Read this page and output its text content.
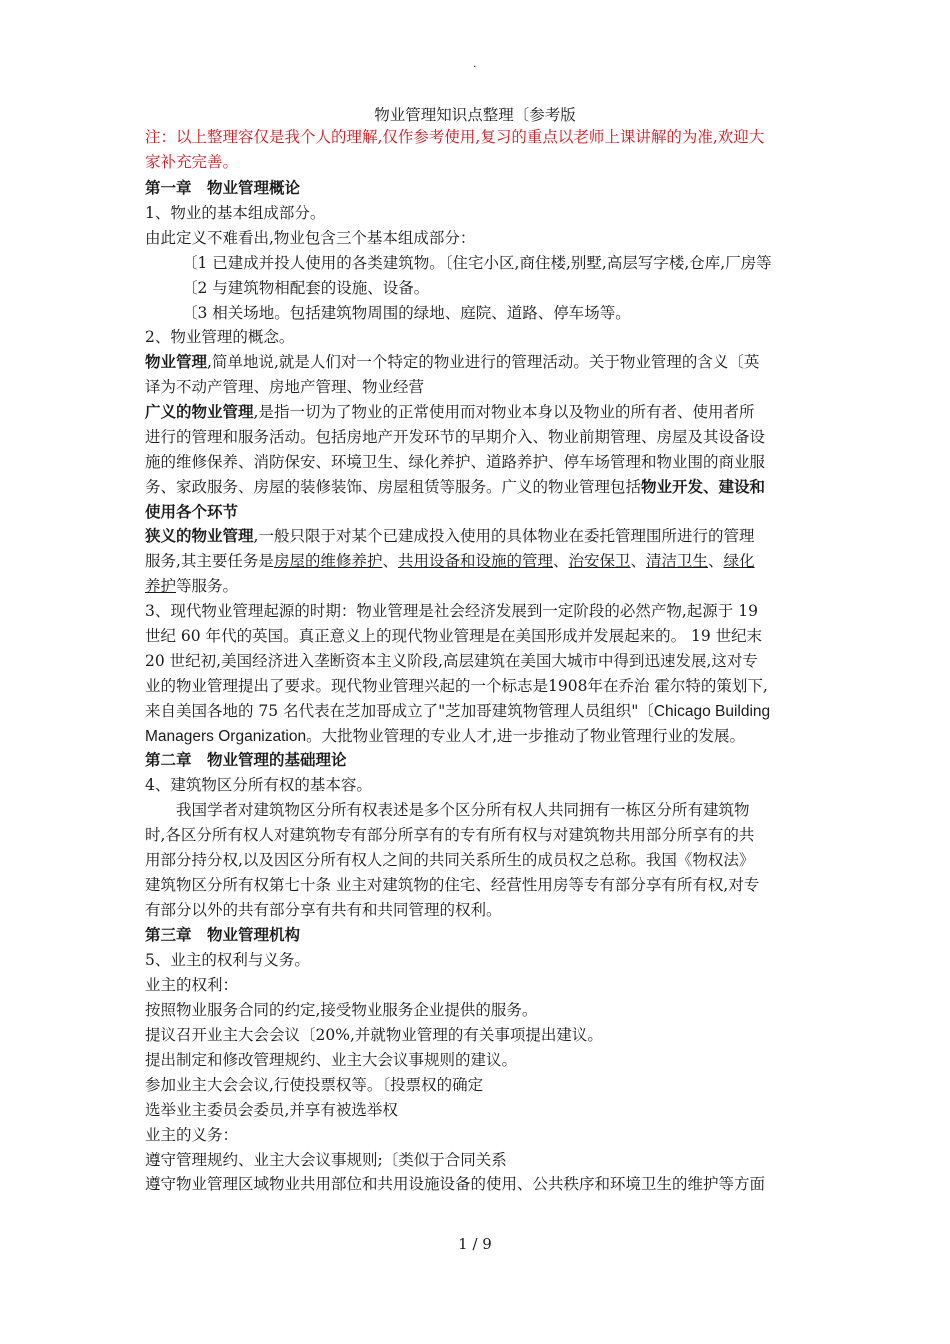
.
物业管理知识点整理〔参考版
注：以上整理容仅是我个人的理解,仅作参考使用,复习的重点以老师上课讲解的为准,欢迎大
家补充完善。
第一章　物业管理概论
1、物业的基本组成部分。
由此定义不难看出,物业包含三个基本组成部分：
〔1 已建成并投人使用的各类建筑物。〔住宅小区,商住楼,别墅,高层写字楼,仓库,厂房等
〔2 与建筑物相配套的设施、设备。
〔3 相关场地。包括建筑物周围的绿地、庭院、道路、停车场等。
2、物业管理的概念。
物业管理,简单地说,就是人们对一个特定的物业进行的管理活动。关于物业管理的含义〔英
译为不动产管理、房地产管理、物业经营
广义的物业管理,是指一切为了物业的正常使用而对物业本身以及物业的所有者、使用者所
进行的管理和服务活动。包括房地产开发环节的早期介入、物业前期管理、房屋及其设备设
施的维修保养、消防保安、环境卫生、绿化养护、道路养护、停车场管理和物业围的商业服
务、家政服务、房屋的装修装饰、房屋租赁等服务。广义的物业管理包括物业开发、建设和
使用各个环节
狭义的物业管理,一般只限于对某个已建成投入使用的具体物业在委托管理围所进行的管理
服务,其主要任务是房屋的维修养护、共用设备和设施的管理、治安保卫、清洁卫生、绿化
养护等服务。
3、现代物业管理起源的时期：物业管理是社会经济发展到一定阶段的必然产物,起源于 19
世纪 60 年代的英国。真正意义上的现代物业管理是在美国形成并发展起来的。 19 世纪末
20 世纪初,美国经济进入垄断资本主义阶段,高层建筑在美国大城市中得到迅速发展,这对专
业的物业管理提出了要求。现代物业管理兴起的一个标志是1908年在乔治 霍尔特的策划下,
来自美国各地的 75 名代表在芝加哥成立了"芝加哥建筑物管理人员组织"〔Chicago Building
Managers Organization。大批物业管理的专业人才,进一步推动了物业管理行业的发展。
第二章　物业管理的基础理论
4、建筑物区分所有权的基本容。
我国学者对建筑物区分所有权表述是多个区分所有权人共同拥有一栋区分所有建筑物
时,各区分所有权人对建筑物专有部分所享有的专有所有权与对建筑物共用部分所享有的共
用部分持分权,以及因区分所有权人之间的共同关系所生的成员权之总称。我国《物权法》
建筑物区分所有权第七十条 业主对建筑物的住宅、经营性用房等专有部分享有所有权,对专
有部分以外的共有部分享有共有和共同管理的权利。
第三章　物业管理机构
5、业主的权利与义务。
业主的权利：
按照物业服务合同的约定,接受物业服务企业提供的服务。
提议召开业主大会会议〔20%,并就物业管理的有关事项提出建议。
提出制定和修改管理规约、业主大会议事规则的建议。
参加业主大会会议,行使投票权等。〔投票权的确定
选举业主委员会委员,并享有被选举权
业主的义务：
遵守管理规约、业主大会议事规则;〔类似于合同关系
遵守物业管理区域物业共用部位和共用设施设备的使用、公共秩序和环境卫生的维护等方面
1 / 9
